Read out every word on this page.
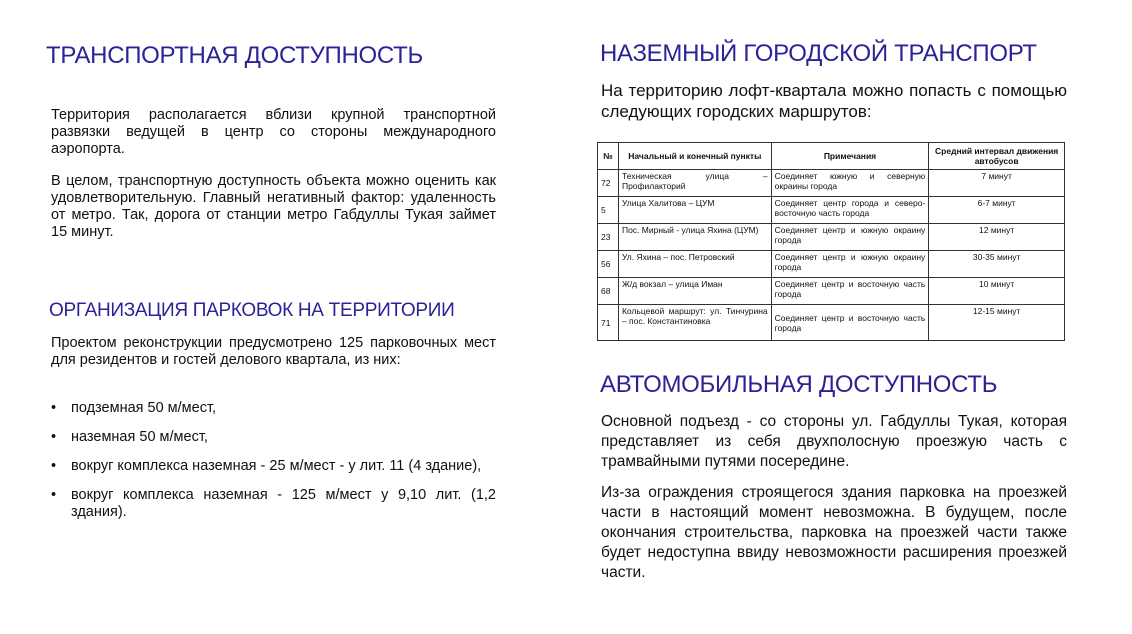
ТРАНСПОРТНАЯ ДОСТУПНОСТЬ

Территория располагается вблизи крупной транспортной развязки ведущей в центр со стороны международного аэропорта.

В целом, транспортную доступность объекта можно оценить как удовлетворительную. Главный негативный фактор: удаленность от метро. Так, дорога от станции метро Габдуллы Тукая займет 15 минут.

ОРГАНИЗАЦИЯ ПАРКОВОК НА ТЕРРИТОРИИ

Проектом реконструкции предусмотрено 125 парковочных мест для резидентов и гостей делового квартала, из них:

• подземная 50 м/мест,
• наземная 50 м/мест,
• вокруг комплекса наземная - 25 м/мест - у лит. 11 (4 здание),
• вокруг комплекса наземная - 125 м/мест у 9,10 лит. (1,2 здания).
НАЗЕМНЫЙ ГОРОДСКОЙ ТРАНСПОРТ

На территорию лофт-квартала можно попасть с помощью следующих городских маршрутов:

№	Начальный и конечный пункты	Примечания	Средний интервал движения автобусов
72	Техническая улица – Профилакторий	Соединяет южную и северную окраины города	7 минут
5	Улица Халитова – ЦУМ	Соединяет центр города и северо-восточную часть города	6-7 минут
23	Пос. Мирный - улица Яхина (ЦУМ)	Соединяет центр и южную окраину города	12 минут
56	Ул. Яхина – пос. Петровский	Соединяет центр и южную окраину города	30-35 минут
68	Ж/д вокзал – улица Иман	Соединяет центр и восточную часть города	10 минут
71	Кольцевой маршрут: ул. Тинчурина – пос. Константиновка	Соединяет центр и восточную часть города	12-15 минут
АВТОМОБИЛЬНАЯ ДОСТУПНОСТЬ

Основной подъезд - со стороны ул. Габдуллы Тукая, которая представляет из себя двухполосную проезжую часть с трамвайными путями посередине.

Из-за ограждения строящегося здания парковка на проезжей части в настоящий момент невозможна. В будущем, после окончания строительства, парковка на проезжей части также будет недоступна ввиду невозможности расширения проезжей части.
